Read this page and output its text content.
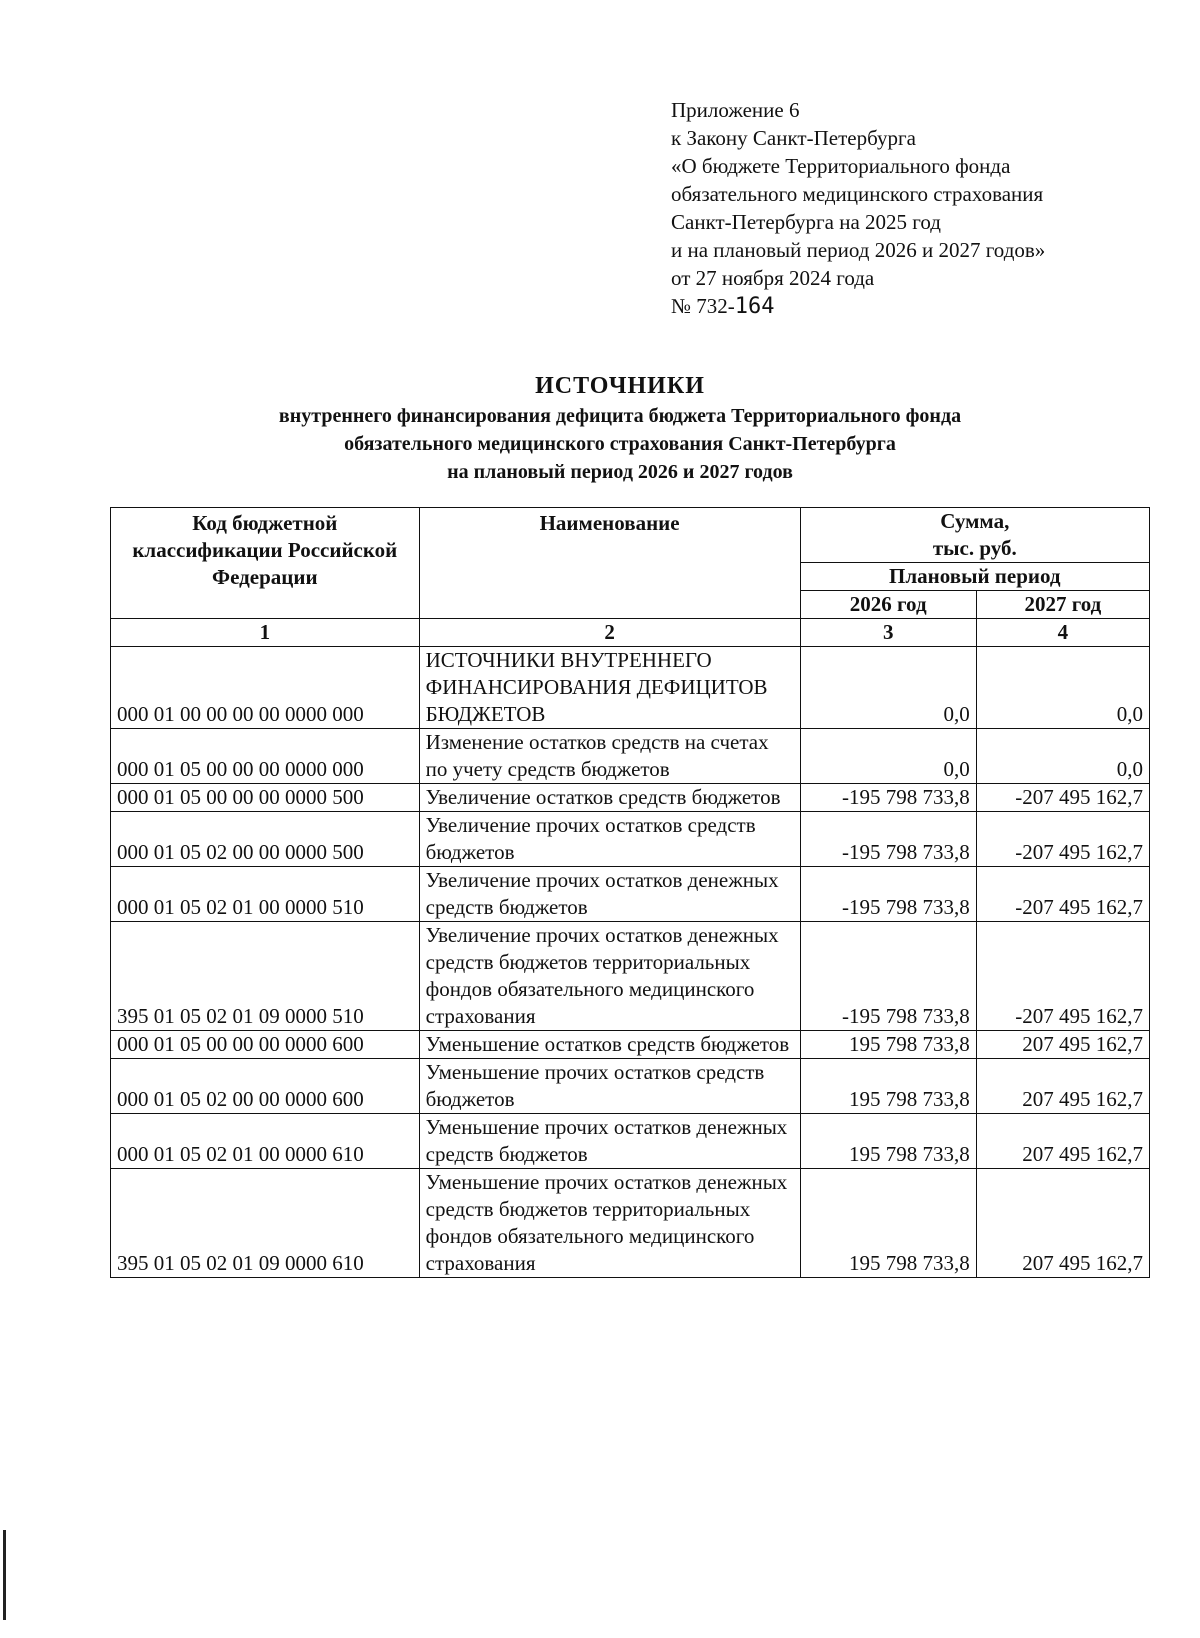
Приложение 6
к Закону Санкт-Петербурга
«О бюджете Территориального фонда
обязательного медицинского страхования
Санкт-Петербурга на 2025 год
и на плановый период 2026 и 2027 годов»
от 27 ноября 2024 года
№ 732-164
ИСТОЧНИКИ
внутреннего финансирования дефицита бюджета Территориального фонда
обязательного медицинского страхования Санкт-Петербурга
на плановый период 2026 и 2027 годов
Код бюджетной классификации Российской Федерации	Наименование	Сумма,
тыс. руб.	

		Плановый период	
		2026 год	2027 год
1	2	3	4
000 01 00 00 00 00 0000 000	ИСТОЧНИКИ ВНУТРЕННЕГО ФИНАНСИРОВАНИЯ ДЕФИЦИТОВ БЮДЖЕТОВ	0,0	0,0
000 01 05 00 00 00 0000 000	Изменение остатков средств на счетах по учету средств бюджетов	0,0	0,0
000 01 05 00 00 00 0000 500	Увеличение остатков средств бюджетов	-195 798 733,8	-207 495 162,7
000 01 05 02 00 00 0000 500	Увеличение прочих остатков средств бюджетов	-195 798 733,8	-207 495 162,7
000 01 05 02 01 00 0000 510	Увеличение прочих остатков денежных средств бюджетов	-195 798 733,8	-207 495 162,7
395 01 05 02 01 09 0000 510	Увеличение прочих остатков денежных средств бюджетов территориальных фондов обязательного медицинского страхования	-195 798 733,8	-207 495 162,7
000 01 05 00 00 00 0000 600	Уменьшение остатков средств бюджетов	195 798 733,8	207 495 162,7
000 01 05 02 00 00 0000 600	Уменьшение прочих остатков средств бюджетов	195 798 733,8	207 495 162,7
000 01 05 02 01 00 0000 610	Уменьшение прочих остатков денежных средств бюджетов	195 798 733,8	207 495 162,7
395 01 05 02 01 09 0000 610	Уменьшение прочих остатков денежных средств бюджетов территориальных фондов обязательного медицинского страхования	195 798 733,8	207 495 162,7
